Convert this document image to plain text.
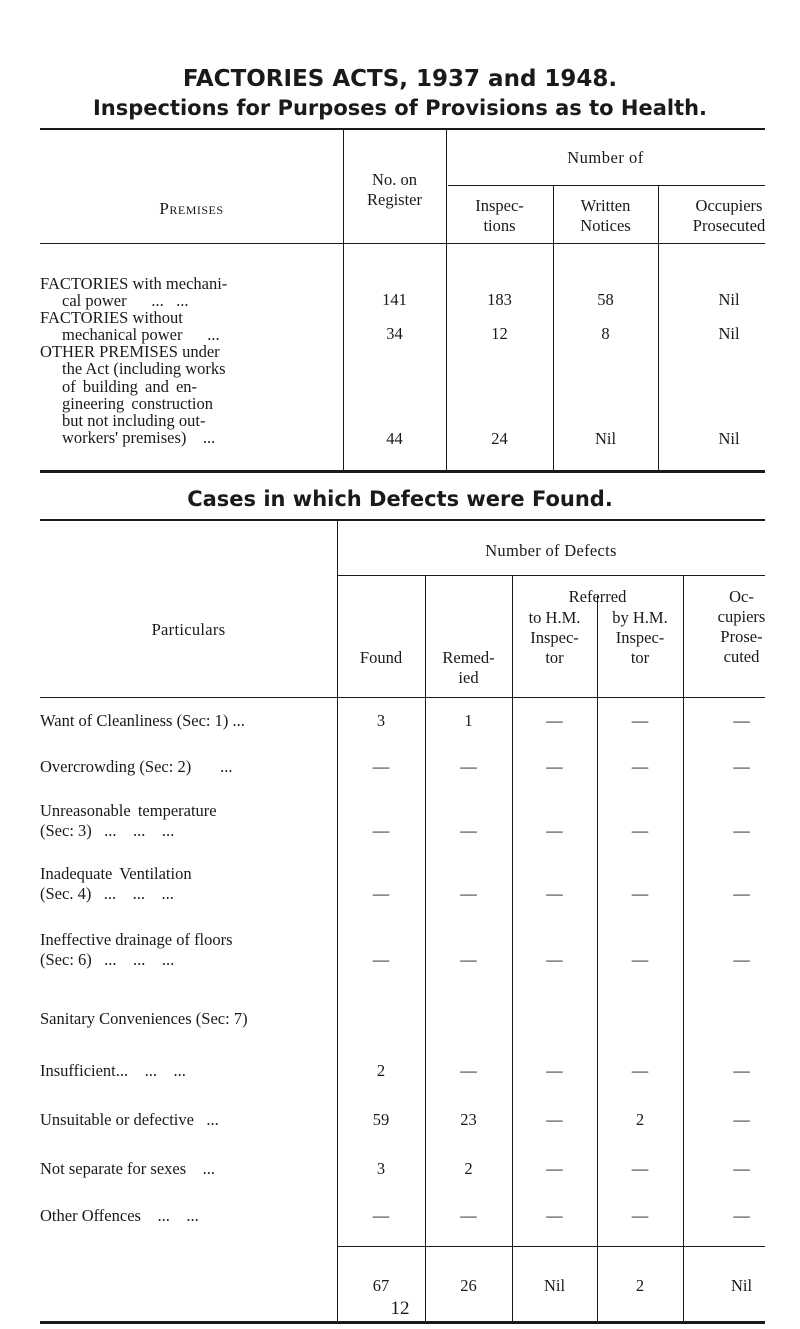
FACTORIES ACTS, 1937 and 1948.
Inspections for Purposes of Provisions as to Health.
Premises
No. on
Register
Number of
Inspec-
tions
Written
Notices
Occupiers
Prosecuted
FACTORIES with mechani-
cal power      ...   ...	141	183	58	Nil
FACTORIES without
mechanical power      ...	34	12	8	Nil
OTHER PREMISES under
the Act (including works
of building and en-
gineering construction
but not including out-
workers' premises)    ...	44	24	Nil	Nil
Cases in which Defects were Found.
Particulars
Number of Defects
Found	Remed-
ied
Referred
to H.M.
Inspec-
tor
by H.M.
Inspec-
tor
Oc-
cupiers
Prose-
cuted
Want of Cleanliness (Sec: 1) ...	3	1	—	—	—
Overcrowding (Sec: 2)       ...	—	—	—	—	—
Unreasonable temperature
(Sec: 3)   ...    ...    ...	—	—	—	—	—
Inadequate Ventilation
(Sec. 4)   ...    ...    ...	—	—	—	—	—
Ineffective drainage of floors
(Sec: 6)   ...    ...    ...	—	—	—	—	—
Sanitary Conveniences (Sec: 7)
Insufficient...    ...    ...	2	—	—	—	—
Unsuitable or defective   ...	59	23	—	2	—
Not separate for sexes    ...	3	2	—	—	—
Other Offences    ...    ...	—	—	—	—	—
67	26	Nil	2	Nil
12
